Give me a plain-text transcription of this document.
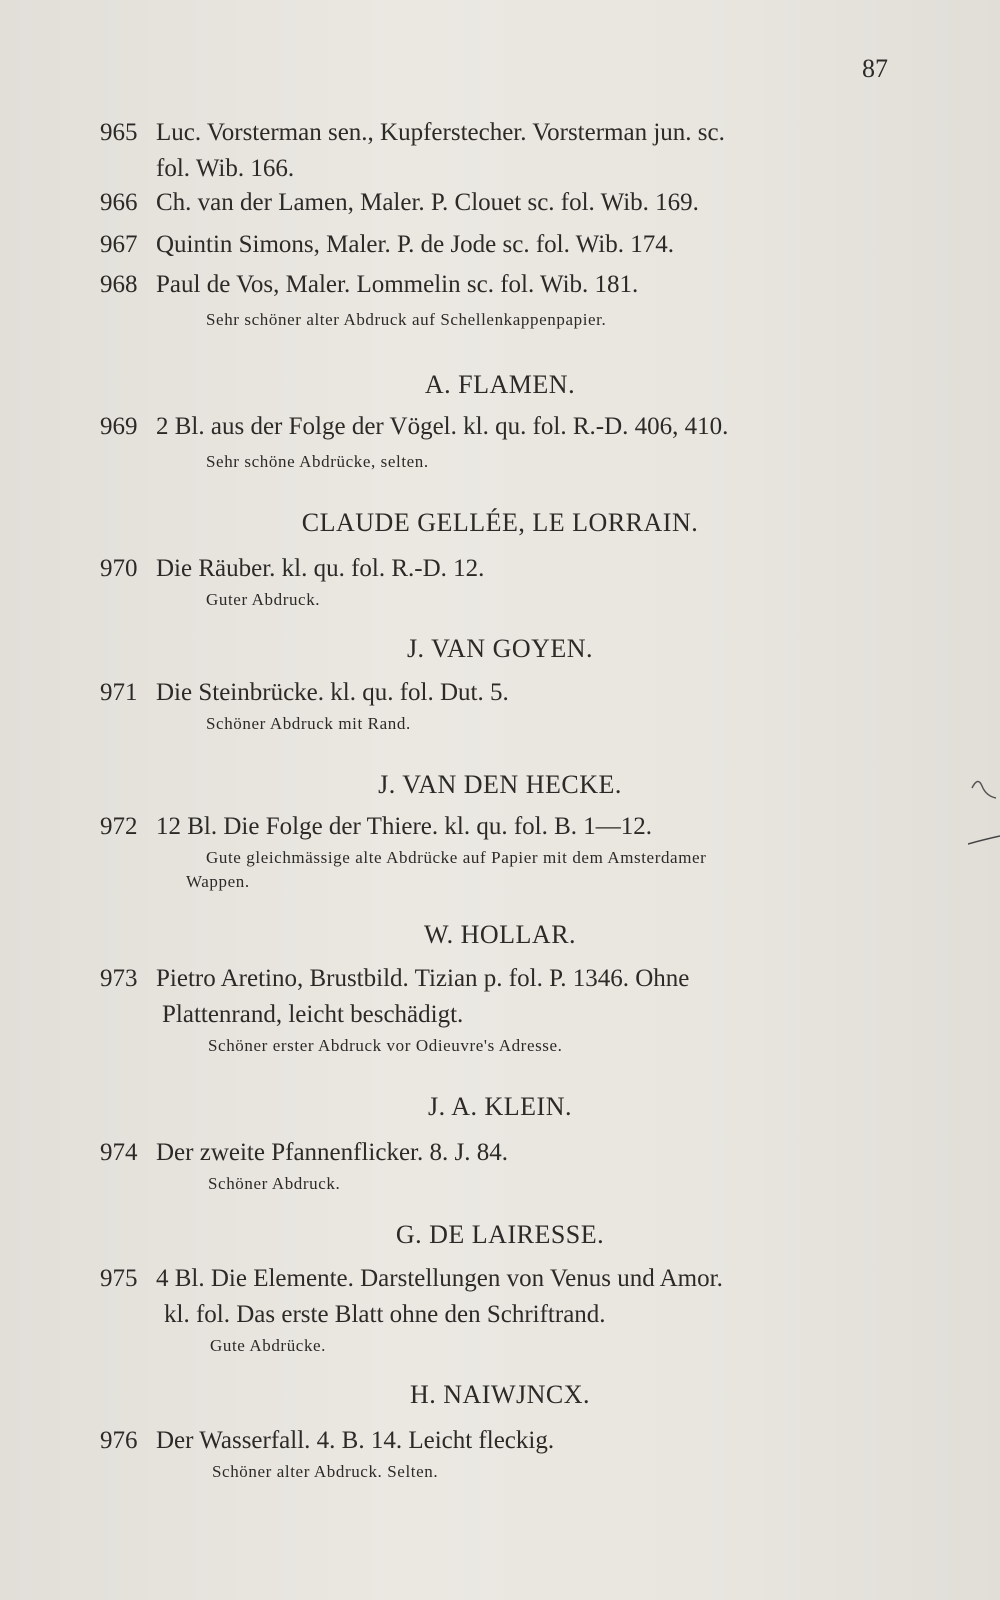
87
965 Luc. Vorsterman sen., Kupferstecher. Vorsterman jun. sc.
fol. Wib. 166.
966 Ch. van der Lamen, Maler. P. Clouet sc. fol. Wib. 169.
967 Quintin Simons, Maler. P. de Jode sc. fol. Wib. 174.
968 Paul de Vos, Maler. Lommelin sc. fol. Wib. 181.
Sehr schöner alter Abdruck auf Schellenkappenpapier.
A. FLAMEN.
969 2 Bl. aus der Folge der Vögel. kl. qu. fol. R.-D. 406, 410.
Sehr schöne Abdrücke, selten.
CLAUDE GELLÉE, LE LORRAIN.
970 Die Räuber. kl. qu. fol. R.-D. 12.
Guter Abdruck.
J. VAN GOYEN.
971 Die Steinbrücke. kl. qu. fol. Dut. 5.
Schöner Abdruck mit Rand.
J. VAN DEN HECKE.
972 12 Bl. Die Folge der Thiere. kl. qu. fol. B. 1—12.
Gute gleichmässige alte Abdrücke auf Papier mit dem Amsterdamer
Wappen.
W. HOLLAR.
973 Pietro Aretino, Brustbild. Tizian p. fol. P. 1346. Ohne
Plattenrand, leicht beschädigt.
Schöner erster Abdruck vor Odieuvre's Adresse.
J. A. KLEIN.
974 Der zweite Pfannenflicker. 8. J. 84.
Schöner Abdruck.
G. DE LAIRESSE.
975 4 Bl. Die Elemente. Darstellungen von Venus und Amor.
kl. fol. Das erste Blatt ohne den Schriftrand.
Gute Abdrücke.
H. NAIWJNCX.
976 Der Wasserfall. 4. B. 14. Leicht fleckig.
Schöner alter Abdruck. Selten.
